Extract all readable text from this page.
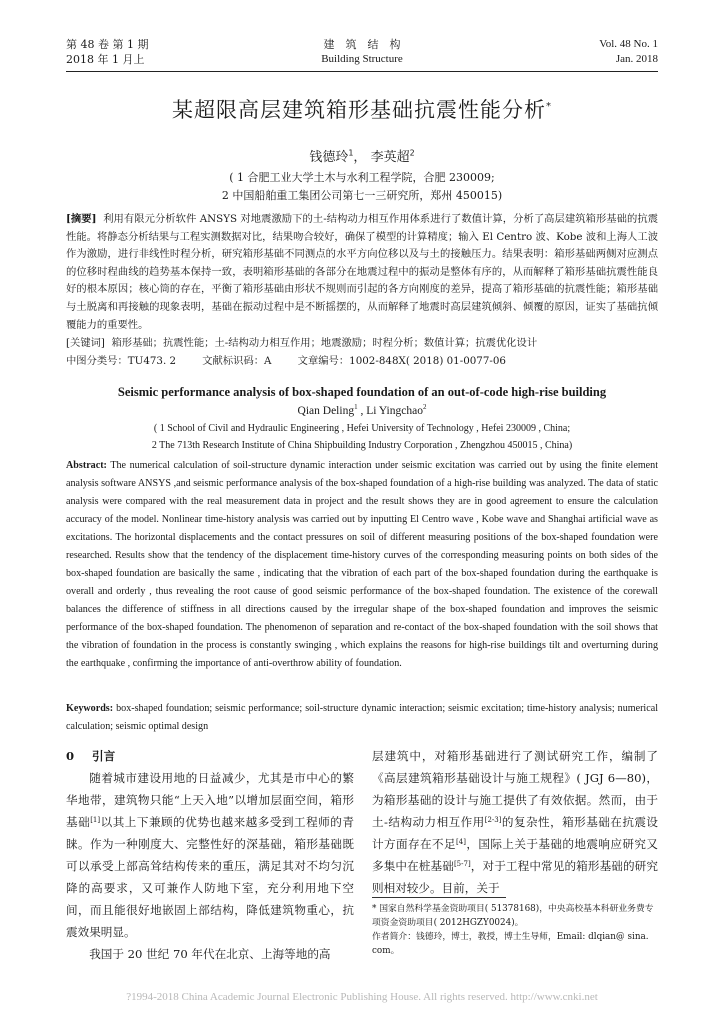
第 48 卷 第 1 期
2018 年 1 月上
建　筑　结　构
Building Structure
Vol. 48 No. 1
Jan. 2018
某超限高层建筑箱形基础抗震性能分析*
钱德玲$^1$， 李英超$^2$
( 1 合肥工业大学土木与水利工程学院，合肥 230009;
2 中国船舶重工集团公司第七一三研究所，郑州 450015)
[摘要] 利用有限元分析软件 ANSYS 对地震激励下的土-结构动力相互作用体系进行了数值计算，分析了高层建筑箱形基础的抗震性能。将静态分析结果与工程实测数据对比，结果吻合较好，确保了模型的计算精度；输入 El Centro 波、Kobe 波和上海人工波作为激励，进行非线性时程分析，研究箱形基础不同测点的水平方向位移以及与土的接触压力。结果表明：箱形基础两侧对应测点的位移时程曲线的趋势基本保持一致，表明箱形基础的各部分在地震过程中的振动是整体有序的，从而解释了箱形基础抗震性能良好的根本原因；核心筒的存在，平衡了箱形基础由形状不规则而引起的各方向刚度的差异，提高了箱形基础的抗震性能；箱形基础与土脱离和再接触的现象表明，基础在振动过程中是不断摇摆的，从而解释了地震时高层建筑倾斜、倾覆的原因，证实了基础抗倾覆能力的重要性。
[关键词] 箱形基础；抗震性能；土-结构动力相互作用；地震激励；时程分析；数值计算；抗震优化设计
中图分类号：TU473. 2	文献标识码：A	文章编号：1002-848X( 2018) 01-0077-06
Seismic performance analysis of box-shaped foundation of an out-of-code high-rise building
Qian Deling$^1$ , Li Yingchao$^2$
( 1 School of Civil and Hydraulic Engineering , Hefei University of Technology , Hefei 230009 , China;
2 The 713th Research Institute of China Shipbuilding Industry Corporation , Zhengzhou 450015 , China)
Abstract: The numerical calculation of soil-structure dynamic interaction under seismic excitation was carried out by using the finite element analysis software ANSYS ,and seismic performance analysis of the box-shaped foundation of a high-rise building was analyzed. The data of static analysis were compared with the real measurement data in project and the result shows they are in good agreement to ensure the calculation accuracy of the model. Nonlinear time-history analysis was carried out by inputting El Centro wave , Kobe wave and Shanghai artificial wave as excitations. The horizontal displacements and the contact pressures on soil of different measuring positions of the box-shaped foundation were researched. Results show that the tendency of the displacement time-history curves of the corresponding measuring points on both sides of the box-shaped foundation are basically the same , indicating that the vibration of each part of the box-shaped foundation during the earthquake is overall and orderly , thus revealing the root cause of good seismic performance of the box-shaped foundation. The existence of the corewall balances the difference of stiffness in all directions caused by the irregular shape of the box-shaped foundation and improves the seismic performance of the box-shaped foundation. The phenomenon of separation and re-contact of the box-shaped foundation with the soil shows that the vibration of foundation in the process is constantly swinging , which explains the reasons for high-rise buildings tilt and overturning during the earthquake , confirming the importance of anti-overthrow ability of foundation.
Keywords: box-shaped foundation; seismic performance; soil-structure dynamic interaction; seismic excitation; time-history analysis; numerical calculation; seismic optimal design
0 引言

随着城市建设用地的日益减少，尤其是市中心的繁华地带，建筑物只能“上天入地”以增加层面空间，箱形基础[1]以其上下兼顾的优势也越来越多受到工程师的青睐。作为一种刚度大、完整性好的深基础，箱形基础既可以承受上部高耸结构传来的重压，满足其对不均匀沉降的高要求，又可兼作人防地下室，充分利用地下空间，而且能很好地嵌固上部结构，降低建筑物重心，抗震效果明显。

我国于 20 世纪 70 年代在北京、上海等地的高

层建筑中，对箱形基础进行了测试研究工作，编制了《高层建筑箱形基础设计与施工规程》( JGJ 6—80)，为箱形基础的设计与施工提供了有效依据。然而，由于土-结构动力相互作用[2-3]的复杂性，箱形基础在抗震设计方面存在不足[4]，国际上关于基础的地震响应研究又多集中在桩基础[5-7]，对于工程中常见的箱形基础的研究则相对较少。目前，关于

* 国家自然科学基金资助项目( 51378168)，中央高校基本科研业务费专项资金资助项目( 2012HGZY0024)。
作者简介：钱德玲，博士，教授，博士生导师，Email: dlqian@ sina. com。
?1994-2018 China Academic Journal Electronic Publishing House. All rights reserved. http://www.cnki.net
